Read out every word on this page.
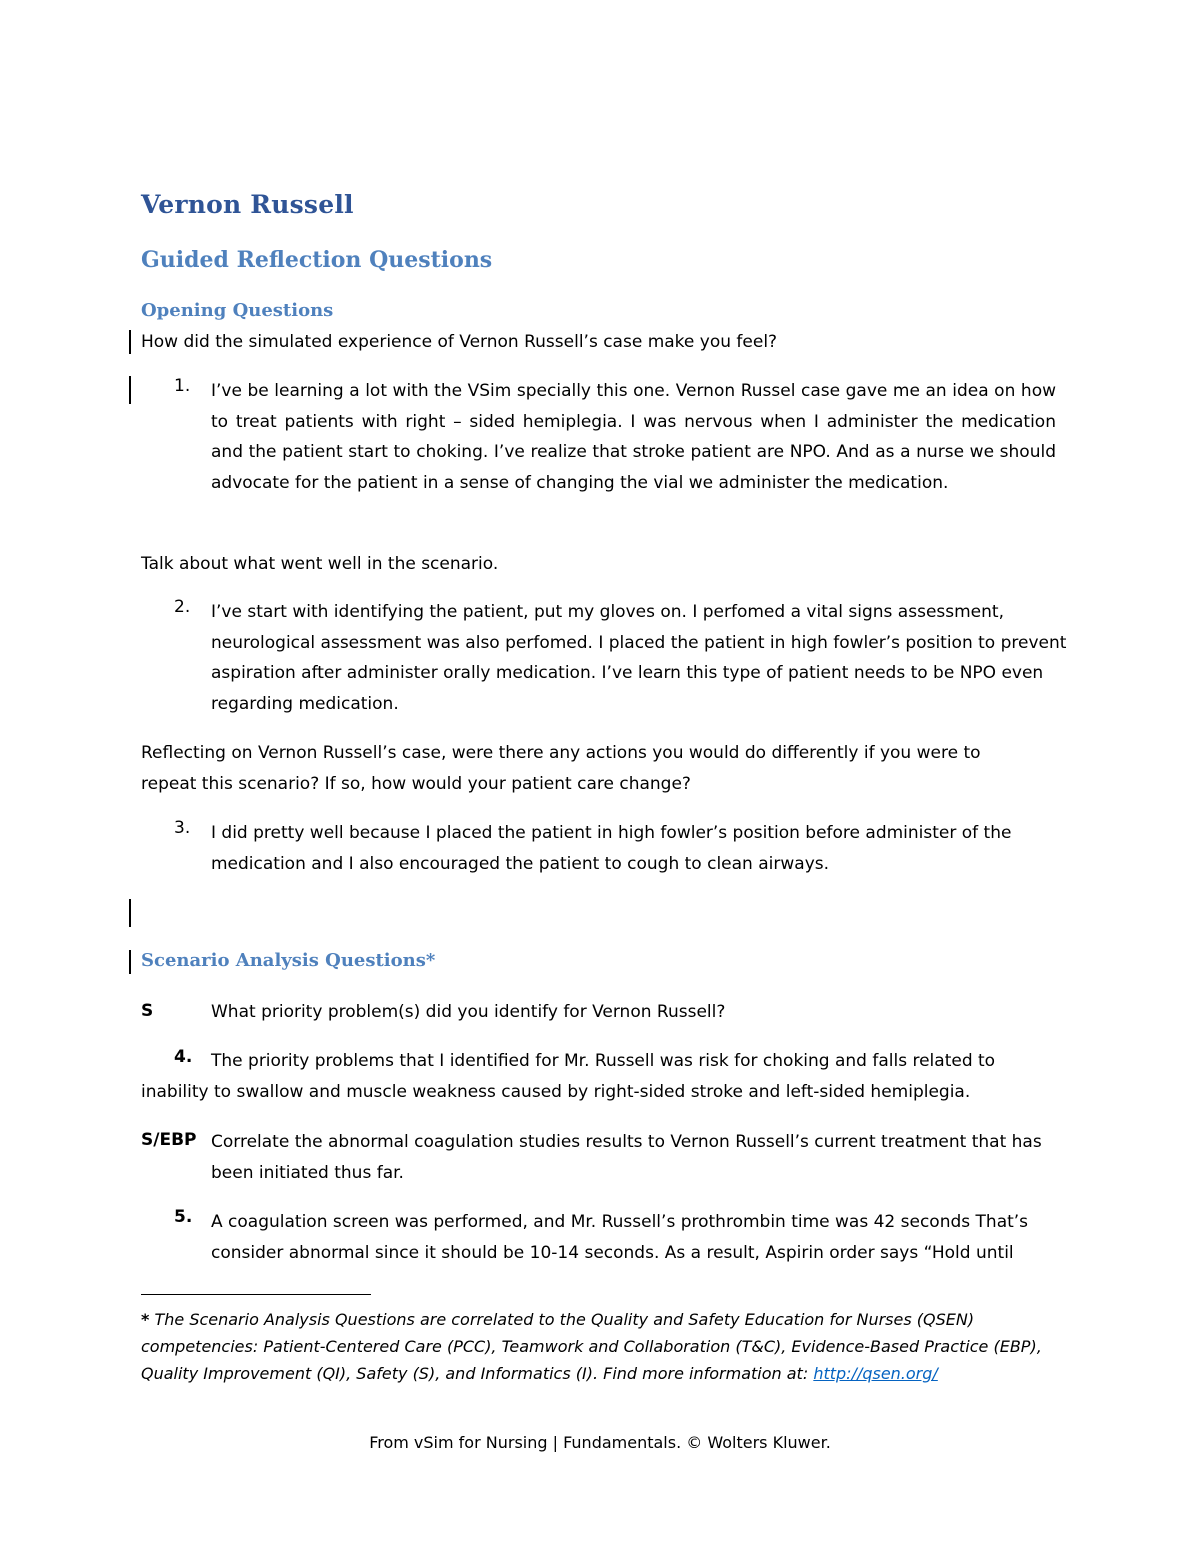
Vernon Russell
Guided Reflection Questions
Opening Questions
How did the simulated experience of Vernon Russell’s case make you feel?
1. I’ve be learning a lot with the VSim specially this one. Vernon Russel case gave me an idea on how to treat patients with right – sided hemiplegia. I was nervous when I administer the medication and the patient start to choking. I’ve realize that stroke patient are NPO. And as a nurse we should advocate for the patient in a sense of changing the vial we administer the medication.
Talk about what went well in the scenario.
2. I’ve start with identifying the patient, put my gloves on. I perfomed a vital signs assessment, neurological assessment was also perfomed. I placed the patient in high fowler’s position to prevent aspiration after administer orally medication. I’ve learn this type of patient needs to be NPO even regarding medication.
Reflecting on Vernon Russell’s case, were there any actions you would do differently if you were to repeat this scenario? If so, how would your patient care change?
3. I did pretty well because I placed the patient in high fowler’s position before administer of the medication and I also encouraged the patient to cough to clean airways.
Scenario Analysis Questions*
S	What priority problem(s) did you identify for Vernon Russell?
4.	The priority problems that I identified for Mr. Russell was risk for choking and falls related to inability to swallow and muscle weakness caused by right-sided stroke and left-sided hemiplegia.
S/EBP Correlate the abnormal coagulation studies results to Vernon Russell’s current treatment that has been initiated thus far.
5. A coagulation screen was performed, and Mr. Russell’s prothrombin time was 42 seconds That’s consider abnormal since it should be 10-14 seconds. As a result, Aspirin order says “Hold until
* The Scenario Analysis Questions are correlated to the Quality and Safety Education for Nurses (QSEN) competencies: Patient-Centered Care (PCC), Teamwork and Collaboration (T&C), Evidence-Based Practice (EBP), Quality Improvement (QI), Safety (S), and Informatics (I). Find more information at: http://qsen.org/
From vSim for Nursing | Fundamentals. © Wolters Kluwer.
